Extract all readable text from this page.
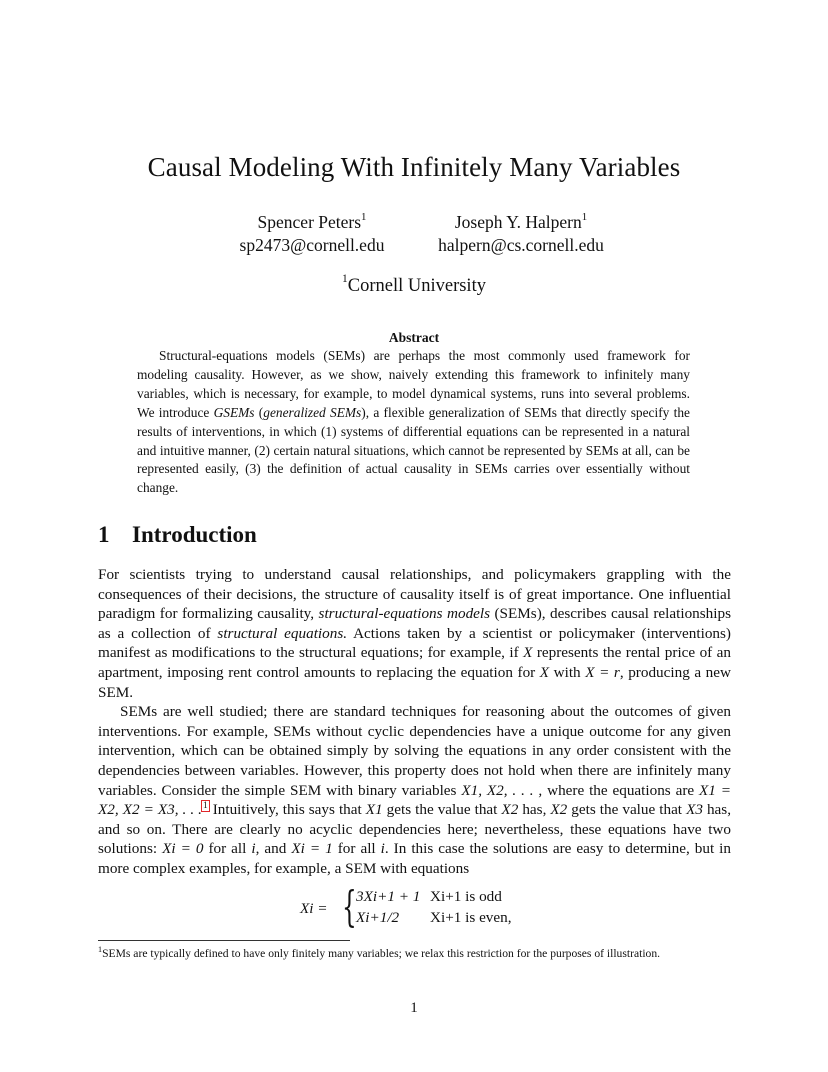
Causal Modeling With Infinitely Many Variables
Spencer Peters$^1$
sp2473@cornell.edu
Joseph Y. Halpern$^1$
halpern@cs.cornell.edu
$^1$Cornell University
Abstract

Structural-equations models (SEMs) are perhaps the most commonly used framework for modeling causality. However, as we show, naively extending this framework to infinitely many variables, which is necessary, for example, to model dynamical systems, runs into several problems. We introduce GSEMs (generalized SEMs), a flexible generalization of SEMs that directly specify the results of interventions, in which (1) systems of differential equations can be represented in a natural and intuitive manner, (2) certain natural situations, which cannot be represented by SEMs at all, can be represented easily, (3) the definition of actual causality in SEMs carries over essentially without change.

1 Introduction

For scientists trying to understand causal relationships, and policymakers grappling with the consequences of their decisions, the structure of causality itself is of great importance. One influential paradigm for formalizing causality, structural-equations models (SEMs), describes causal relationships as a collection of structural equations. Actions taken by a scientist or policymaker (interventions) manifest as modifications to the structural equations; for example, if X represents the rental price of an apartment, imposing rent control amounts to replacing the equation for X with X = r, producing a new SEM.

SEMs are well studied; there are standard techniques for reasoning about the outcomes of given interventions. For example, SEMs without cyclic dependencies have a unique outcome for any given intervention, which can be obtained simply by solving the equations in any order consistent with the dependencies between variables. However, this property does not hold when there are infinitely many variables. Consider the simple SEM with binary variables X1, X2, . . . , where the equations are X1 = X2, X2 = X3, . . .$^1$ Intuitively, this says that X1 gets the value that X2 has, X2 gets the value that X3 has, and so on. There are clearly no acyclic dependencies here; nevertheless, these equations have two solutions: Xi = 0 for all i, and Xi = 1 for all i. In this case the solutions are easy to determine, but in more complex examples, for example, a SEM with equations

Xi = { 3Xi+1 + 1 Xi+1 is odd
Xi+1/2 Xi+1 is even,
$^1$SEMs are typically defined to have only finitely many variables; we relax this restriction for the purposes of illustration.
1
